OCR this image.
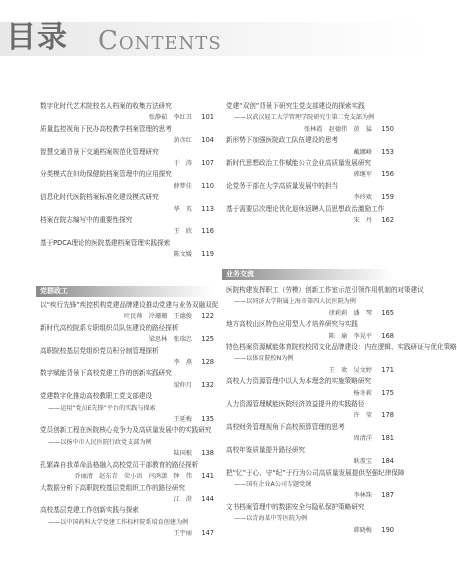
目录 CONTENTS
数字化时代艺术院校名人档案的收集方法研究
张静茹　李红丑	101
质量监控视角下民办高校教学档案管理的思考
黄彦红	104
智慧交通背景下交通档案规范化管理研究
于　涛	107
分类模式在妇幼保健院档案管理中的应用探究
薛梦佳	110
信息化时代医院档案标准化建设模式研究
华　英	113
档案在院志编写中的重要性探究
王　欣	116
基于PDCA理论的医院基建档案管理实践探索
陈文媛	119
党建“双创”背景下研究生党支部建设的探索实践
——以武汉轻工大学管理学院研究生第二党支部为例
张林霞　赵德伟　黄　猛	150
新形势下加强医院政工队伍建设的思考
戴娜峰	153
新时代思想政治工作赋能公立企业高质量发展研究
郭继军	156
论党务干部在大学高质量发展中的担当
李玲欢	159
基于需要层次理论优化退休返聘人员思想政治激励工作
宋　丹	162
党群政工
业务交流
以“疾行先锋”疾控机构党建品牌建设推动党建与业务双融双促
叶民帅　冷珊珊　王德俊	122
新时代高校院系专职组织员队伍建设的路径探析
梁思林　张瑞忠	125
高职院校基层党组织党员积分制管理探析
李　燕	128
数字赋能背景下高校党建工作的创新实践研究
梁仲月	132
党建数字化推动高校教职工党支部建设
——运用“党员E先锋”平台的实践与探索
王延梅	135
党员创新工程在医院核心竞争力及高质量发展中的实践研究
——以扬中市人民医院行政党支部为例
陆国根	138
孔繁森自我革命品格融入高校党员干部教育的路径探析
乔丽清　赵东青　荣小语　闫鸿潇　钟　伟	141
大数据分析下高职院校基层党组织工作的路径研究
江　澄	144
高校基层党建工作创新实践与探索
——以中国药科大学党建工作标杆院系培育创建为例
王宇丽	147
医院构建发挥职工（劳模）创新工作室示范引领作用机制的对策建议
——以同济大学附属上海市第四人民医院为例
律莉莉　潘　琴	165
地方高校山区特色应用型人才培养研究与实践
陈　瑜　李晃平	168
特色档案资源赋能体育院校校园文化品牌建设：内在逻辑、实践研证与优化策略
——以体育院校N为例
王　欢　吴文婷	171
高校人力资源管理中以人为本理念的实施策略研究
杨冬莉	175
人力资源管理赋能医院经济效益提升的实践路径
许　莹	178
高校财务管理视角下高校预算管理的思考
周清洋	181
高校年鉴质量提升路径研究
耿盖宝	184
把“忆”于心、守“纪”于行为公司高质量发展提供坚强纪律保障
——国有企业A公司专题党课
李林珠	187
文书档案管理中的数据安全与隐私保护策略研究
——以青海某中等医院为例
韩晓梅	190
